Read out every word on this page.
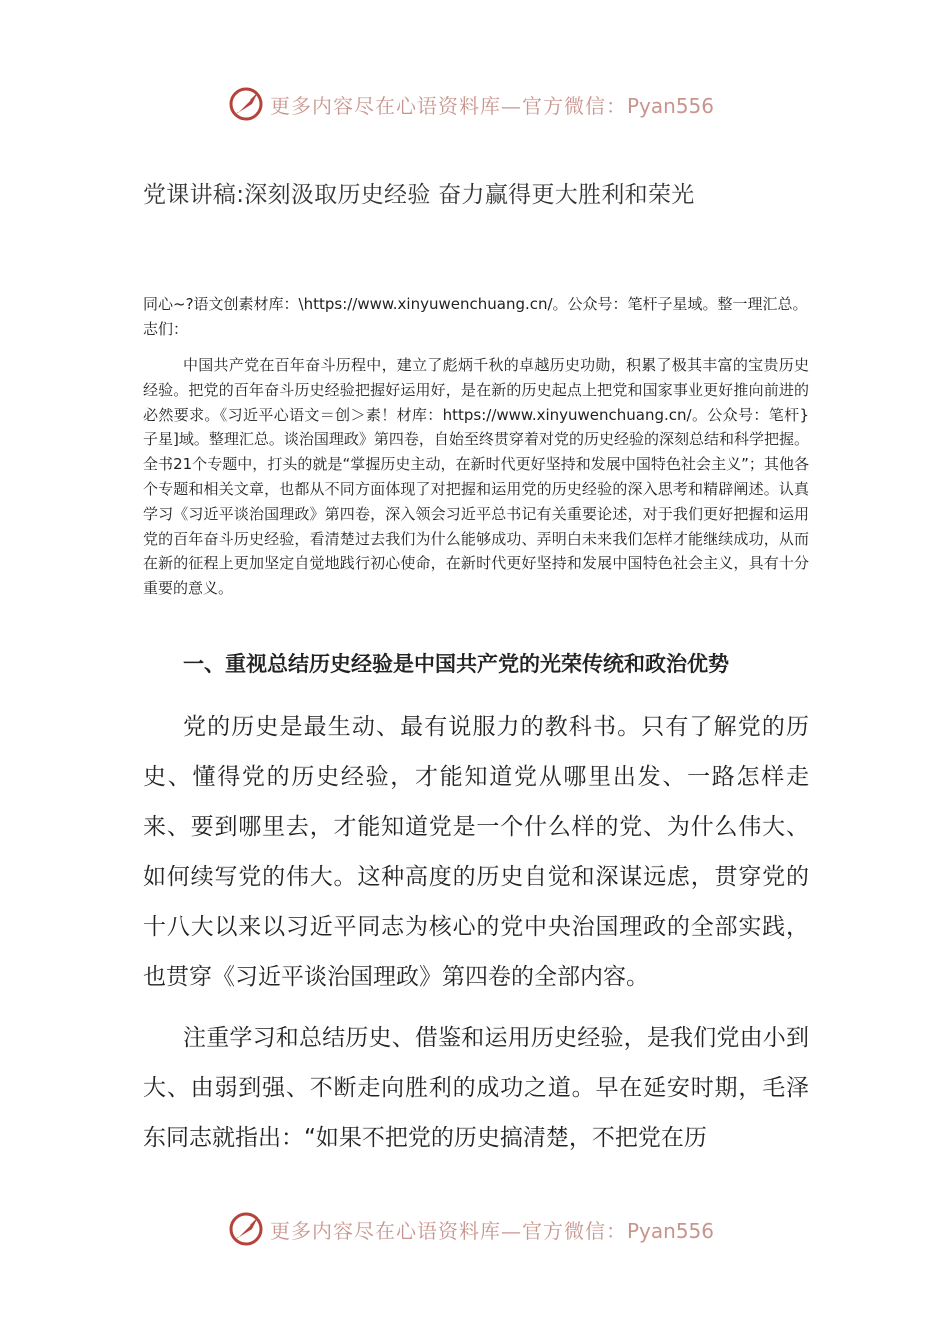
更多内容尽在心语资料库—官方微信：Pyan556
党课讲稿:深刻汲取历史经验 奋力赢得更大胜利和荣光
同心~?语文创素材库：\https://www.xinyuwenchuang.cn/。公众号：笔杆子星域。整一理汇总。志们：
中国共产党在百年奋斗历程中，建立了彪炳千秋的卓越历史功勋，积累了极其丰富的宝贵历史经验。把党的百年奋斗历史经验把握好运用好，是在新的历史起点上把党和国家事业更好推向前进的必然要求。《习近平心语文＝创＞素！材库：https://www.xinyuwenchuang.cn/。公众号：笔杆}子星]域。整理汇总。谈治国理政》第四卷，自始至终贯穿着对党的历史经验的深刻总结和科学把握。全书21个专题中，打头的就是“掌握历史主动，在新时代更好坚持和发展中国特色社会主义”；其他各个专题和相关文章，也都从不同方面体现了对把握和运用党的历史经验的深入思考和精辟阐述。认真学习《习近平谈治国理政》第四卷，深入领会习近平总书记有关重要论述，对于我们更好把握和运用党的百年奋斗历史经验，看清楚过去我们为什么能够成功、弄明白未来我们怎样才能继续成功，从而在新的征程上更加坚定自觉地践行初心使命，在新时代更好坚持和发展中国特色社会主义，具有十分重要的意义。
一、重视总结历史经验是中国共产党的光荣传统和政治优势
党的历史是最生动、最有说服力的教科书。只有了解党的历史、懂得党的历史经验，才能知道党从哪里出发、一路怎样走来、要到哪里去，才能知道党是一个什么样的党、为什么伟大、如何续写党的伟大。这种高度的历史自觉和深谋远虑，贯穿党的十八大以来以习近平同志为核心的党中央治国理政的全部实践，也贯穿《习近平谈治国理政》第四卷的全部内容。
注重学习和总结历史、借鉴和运用历史经验，是我们党由小到大、由弱到强、不断走向胜利的成功之道。早在延安时期，毛泽东同志就指出：“如果不把党的历史搞清楚，不把党在历
更多内容尽在心语资料库—官方微信：Pyan556
